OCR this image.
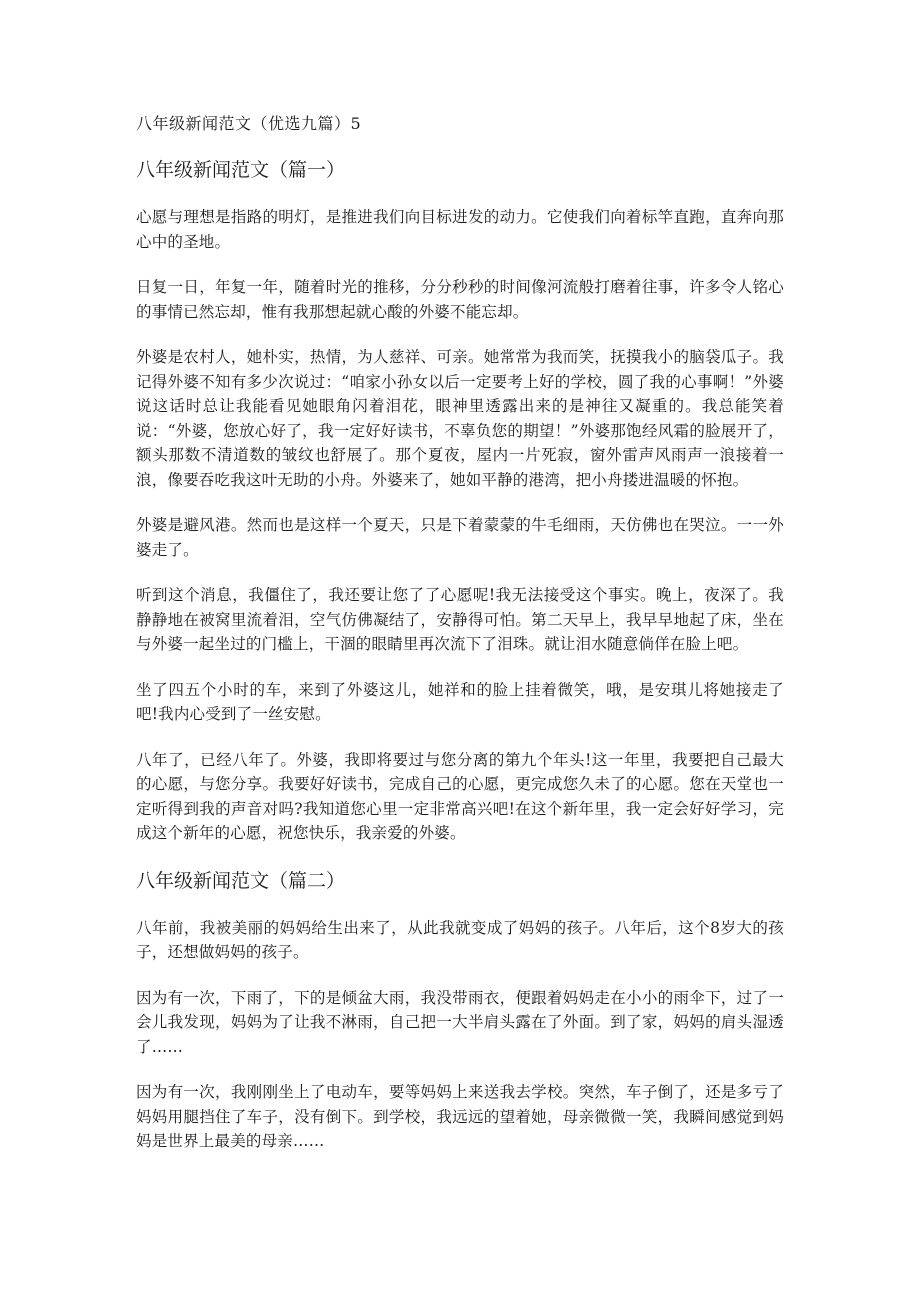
八年级新闻范文（优选九篇）5
八年级新闻范文（篇一）

心愿与理想是指路的明灯，是推进我们向目标进发的动力。它使我们向着标竿直跑，直奔向那心中的圣地。

日复一日，年复一年，随着时光的推移，分分秒秒的时间像河流般打磨着往事，许多令人铭心的事情已然忘却，惟有我那想起就心酸的外婆不能忘却。

外婆是农村人，她朴实，热情，为人慈祥、可亲。她常常为我而笑，抚摸我小的脑袋瓜子。我记得外婆不知有多少次说过：“咱家小孙女以后一定要考上好的学校，圆了我的心事啊！”外婆说这话时总让我能看见她眼角闪着泪花，眼神里透露出来的是神往又凝重的。我总能笑着说：“外婆，您放心好了，我一定好好读书，不辜负您的期望！”外婆那饱经风霜的脸展开了，额头那数不清道数的皱纹也舒展了。那个夏夜，屋内一片死寂，窗外雷声风雨声一浪接着一浪，像要吞吃我这叶无助的小舟。外婆来了，她如平静的港湾，把小舟搂进温暖的怀抱。

外婆是避风港。然而也是这样一个夏天，只是下着蒙蒙的牛毛细雨，天仿佛也在哭泣。一一外婆走了。

听到这个消息，我僵住了，我还要让您了了心愿呢!我无法接受这个事实。晚上，夜深了。我静静地在被窝里流着泪，空气仿佛凝结了，安静得可怕。第二天早上，我早早地起了床，坐在与外婆一起坐过的门槛上，干涸的眼睛里再次流下了泪珠。就让泪水随意倘佯在脸上吧。

坐了四五个小时的车，来到了外婆这儿，她祥和的脸上挂着微笑，哦，是安琪儿将她接走了吧!我内心受到了一丝安慰。

八年了，已经八年了。外婆，我即将要过与您分离的第九个年头!这一年里，我要把自己最大的心愿，与您分享。我要好好读书，完成自己的心愿，更完成您久未了的心愿。您在天堂也一定听得到我的声音对吗?我知道您心里一定非常高兴吧!在这个新年里，我一定会好好学习，完成这个新年的心愿，祝您快乐，我亲爱的外婆。

八年级新闻范文（篇二）

八年前，我被美丽的妈妈给生出来了，从此我就变成了妈妈的孩子。八年后，这个8岁大的孩子，还想做妈妈的孩子。

因为有一次，下雨了，下的是倾盆大雨，我没带雨衣，便跟着妈妈走在小小的雨伞下，过了一会儿我发现，妈妈为了让我不淋雨，自己把一大半肩头露在了外面。到了家，妈妈的肩头湿透了……

因为有一次，我刚刚坐上了电动车，要等妈妈上来送我去学校。突然，车子倒了，还是多亏了妈妈用腿挡住了车子，没有倒下。到学校，我远远的望着她，母亲微微一笑，我瞬间感觉到妈妈是世界上最美的母亲……
